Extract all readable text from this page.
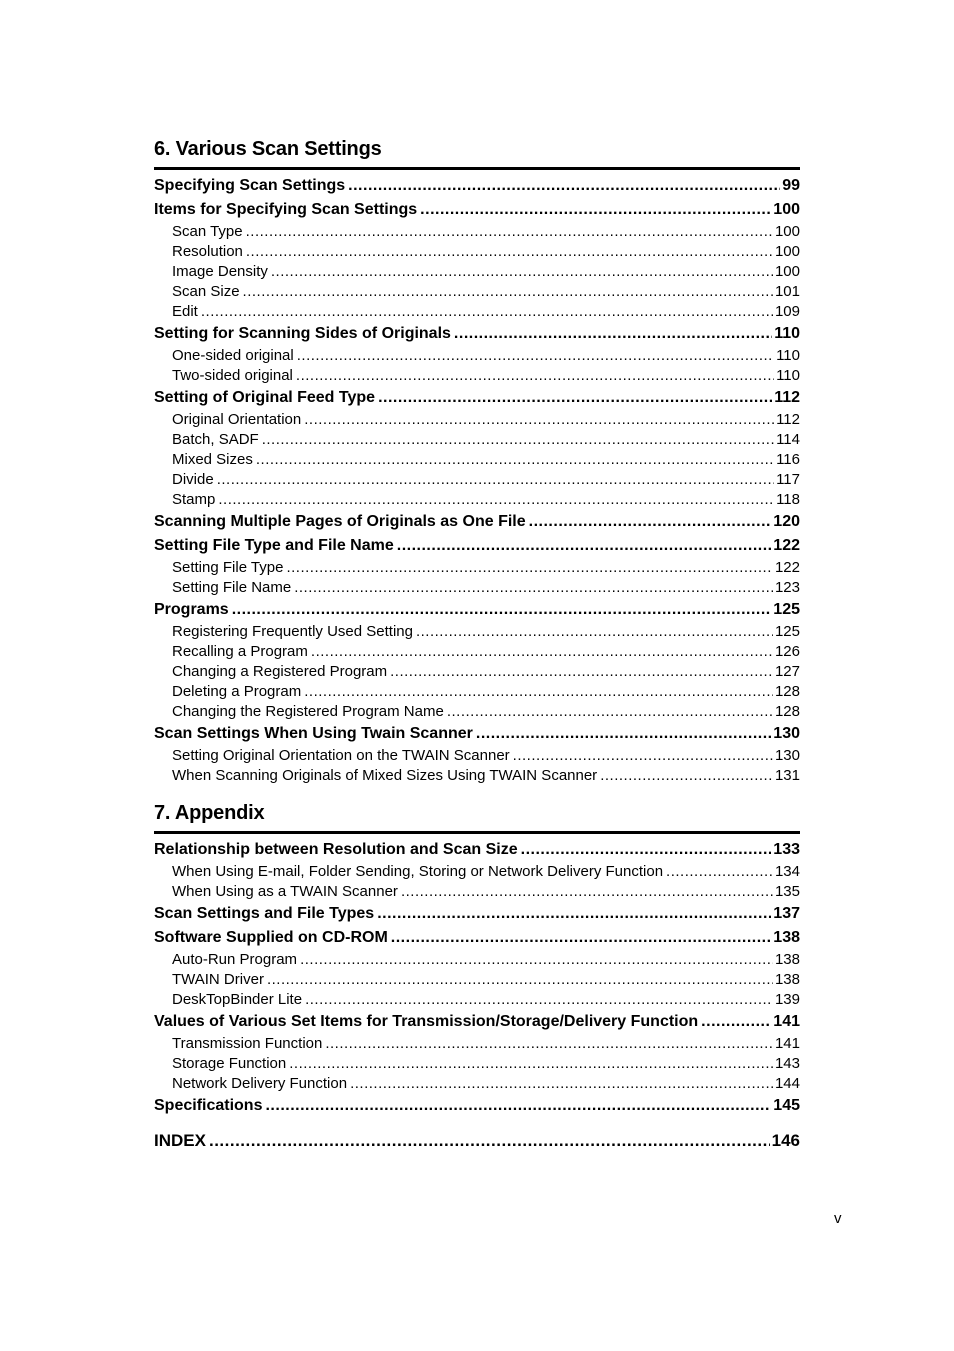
6. Various Scan Settings
Specifying Scan Settings .....	99
Items for Specifying Scan Settings .....	100
Scan Type .....	100
Resolution .....	100
Image Density .....	100
Scan Size .....	101
Edit .....	109
Setting for Scanning Sides of Originals .....	110
One-sided original .....	110
Two-sided original .....	110
Setting of Original Feed Type .....	112
Original Orientation .....	112
Batch, SADF .....	114
Mixed Sizes .....	116
Divide .....	117
Stamp .....	118
Scanning Multiple Pages of Originals as One File .....	120
Setting File Type and File Name .....	122
Setting File Type .....	122
Setting File Name .....	123
Programs .....	125
Registering Frequently Used Setting .....	125
Recalling a Program .....	126
Changing a Registered Program .....	127
Deleting a Program .....	128
Changing the Registered Program Name .....	128
Scan Settings When Using Twain Scanner .....	130
Setting Original Orientation on the TWAIN Scanner .....	130
When Scanning Originals of Mixed Sizes Using TWAIN Scanner .....	131
7. Appendix
Relationship between Resolution and Scan Size .....	133
When Using E-mail, Folder Sending, Storing or Network Delivery Function .....	134
When Using as a TWAIN Scanner .....	135
Scan Settings and File Types .....	137
Software Supplied on CD-ROM .....	138
Auto-Run Program .....	138
TWAIN Driver .....	138
DeskTopBinder Lite .....	139
Values of Various Set Items for Transmission/Storage/Delivery Function .....	141
Transmission Function .....	141
Storage Function .....	143
Network Delivery Function .....	144
Specifications .....	145
INDEX .....	146
v
